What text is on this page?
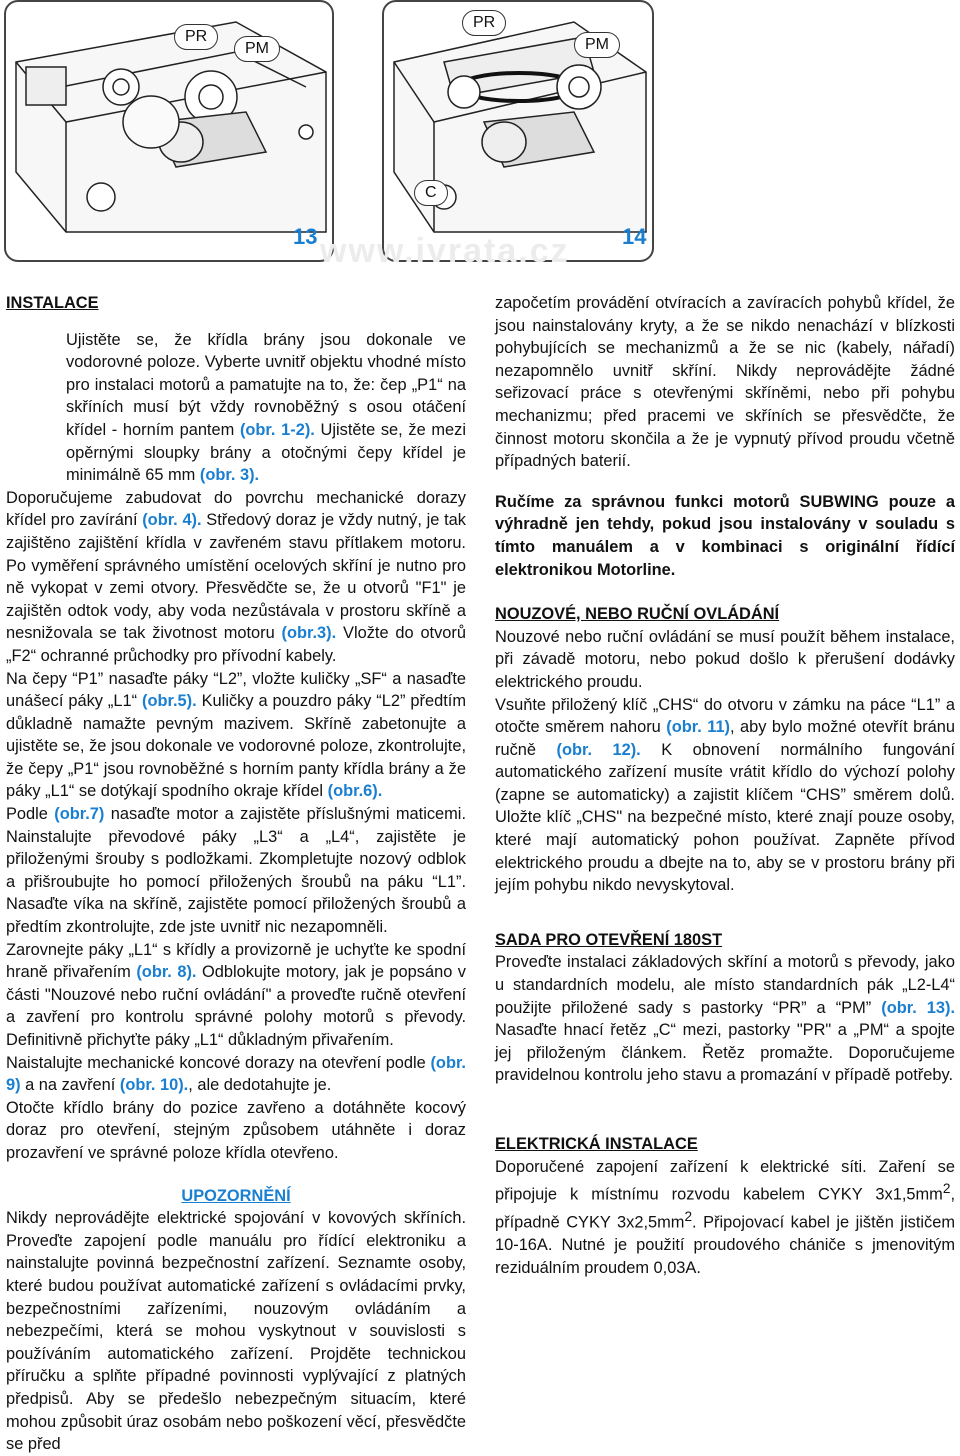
PR
PM
13
PR
PM
C
14
www.ivrata.cz
INSTALACE

Ujistěte se, že křídla brány jsou dokonale ve vodorovné poloze. Vyberte uvnitř objektu vhodné místo pro instalaci motorů a pamatujte na to, že: čep „P1“ na skříních musí být vždy rovnoběžný s osou otáčení křídel - horním pantem (obr. 1-2). Ujistěte se, že mezi opěrnými sloupky brány a otočnými čepy křídel je minimálně 65 mm (obr. 3).

Doporučujeme zabudovat do povrchu mechanické dorazy křídel pro zavírání (obr. 4). Středový doraz je vždy nutný, je tak zajištěno zajištění křídla v zavřeném stavu přítlakem motoru. Po vyměření správného umístění ocelových skříní je nutno pro ně vykopat v zemi otvory. Přesvědčte se, že u otvorů "F1" je zajištěn odtok vody, aby voda nezůstávala v prostoru skříně a nesnižovala se tak životnost motoru (obr.3). Vložte do otvorů „F2“ ochranné průchodky pro přívodní kabely.

Na čepy “P1” nasaďte páky “L2”, vložte kuličky „SF“ a nasaďte unášecí páky „L1“ (obr.5). Kuličky a pouzdro páky “L2” předtím důkladně namažte pevným mazivem. Skříně zabetonujte a ujistěte se, že jsou dokonale ve vodorovné poloze, zkontrolujte, že čepy „P1“ jsou rovnoběžné s horním panty křídla brány a že páky „L1“ se dotýkají spodního okraje křídel (obr.6).

Podle (obr.7) nasaďte motor a zajistěte příslušnými maticemi. Nainstalujte převodové páky „L3“ a „L4“, zajistěte je přiloženými šrouby s podložkami. Zkompletujte nozový odblok a přišroubujte ho pomocí přiložených šroubů na páku “L1”. Nasaďte víka na skříně, zajistěte pomocí přiložených šroubů a předtím zkontrolujte, zde jste uvnitř nic nezapomněli.

Zarovnejte páky „L1“ s křídly a provizorně je uchyťte ke spodní hraně přivařením (obr. 8). Odblokujte motory, jak je popsáno v části "Nouzové nebo ruční ovládání" a proveďte ručně otevření a zavření pro kontrolu správné polohy motorů s převody. Definitivně přichyťte páky „L1“ důkladným přivařením.

Naistalujte mechanické koncové dorazy na otevření podle (obr. 9) a na zavření (obr. 10)., ale dedotahujte je.

Otočte křídlo brány do pozice zavřeno a dotáhněte kocový doraz pro otevření, stejným způsobem utáhněte i doraz prozavření ve správné poloze křídla otevřeno.

UPOZORNĚNÍ

Nikdy neprovádějte elektrické spojování v kovových skříních. Proveďte zapojení podle manuálu pro řídící elektroniku a nainstalujte povinná bezpečnostní zařízení. Seznamte osoby, které budou používat automatické zařízení s ovládacími prvky, bezpečnostními zařízeními, nouzovým ovládáním a nebezpečími, která se mohou vyskytnout v souvislosti s používáním automatického zařízení. Projděte technickou příručku a splňte případné povinnosti vyplývající z platných předpisů. Aby se předešlo nebezpečným situacím, které mohou způsobit úraz osobám nebo poškození věcí, přesvědčte se před

započetím provádění otvíracích a zavíracích pohybů křídel, že jsou nainstalovány kryty, a že se nikdo nenachází v blízkosti pohybujících se mechanizmů a že se nic (kabely, nářadí) nezapomnělo uvnitř skříní. Nikdy neprovádějte žádné seřizovací práce s otevřenými skříněmi, nebo při pohybu mechanizmu; před pracemi ve skříních se přesvědčte, že činnost motoru skončila a že je vypnutý přívod proudu včetně případných baterií.

Ručíme za správnou funkci motorů SUBWING pouze a výhradně jen tehdy, pokud jsou instalovány v souladu s tímto manuálem a v kombinaci s originální řídící elektronikou Motorline.

NOUZOVÉ, NEBO RUČNÍ OVLÁDÁNÍ

Nouzové nebo ruční ovládání se musí použít během instalace, při závadě motoru, nebo pokud došlo k přerušení dodávky elektrického proudu.

Vsuňte přiložený klíč „CHS“ do otvoru v zámku na páce “L1” a otočte směrem nahoru (obr. 11), aby bylo možné otevřít bránu ručně (obr. 12). K obnovení normálního fungování automatického zařízení musíte vrátit křídlo do výchozí polohy (zapne se automaticky) a zajistit klíčem “CHS” směrem dolů. Uložte klíč „CHS" na bezpečné místo, které znají pouze osoby, které mají automatický pohon používat. Zapněte přívod elektrického proudu a dbejte na to, aby se v prostoru brány při jejím pohybu nikdo nevyskytoval.

SADA PRO OTEVŘENÍ 180ST

Proveďte instalaci základových skříní a motorů s převody, jako u standardních modelu, ale místo standardních pák „L2-L4“ použijte přiložené sady s pastorky “PR” a “PM” (obr. 13). Nasaďte hnací řetěz „C“ mezi, pastorky "PR" a „PM“ a spojte jej přiloženým článkem. Řetěz promažte. Doporučujeme pravidelnou kontrolu jeho stavu a promazání v případě potřeby.

ELEKTRICKÁ INSTALACE

Doporučené zapojení zařízení k elektrické síti. Zaření se připojuje k místnímu rozvodu kabelem CYKY $3x1,5mm^2$, případně CYKY $3x2,5mm^2$. Připojovací kabel je jištěn jističem 10-16A. Nutné je použití proudového cháničе s jmenovitým reziduálním proudem 0,03A.
